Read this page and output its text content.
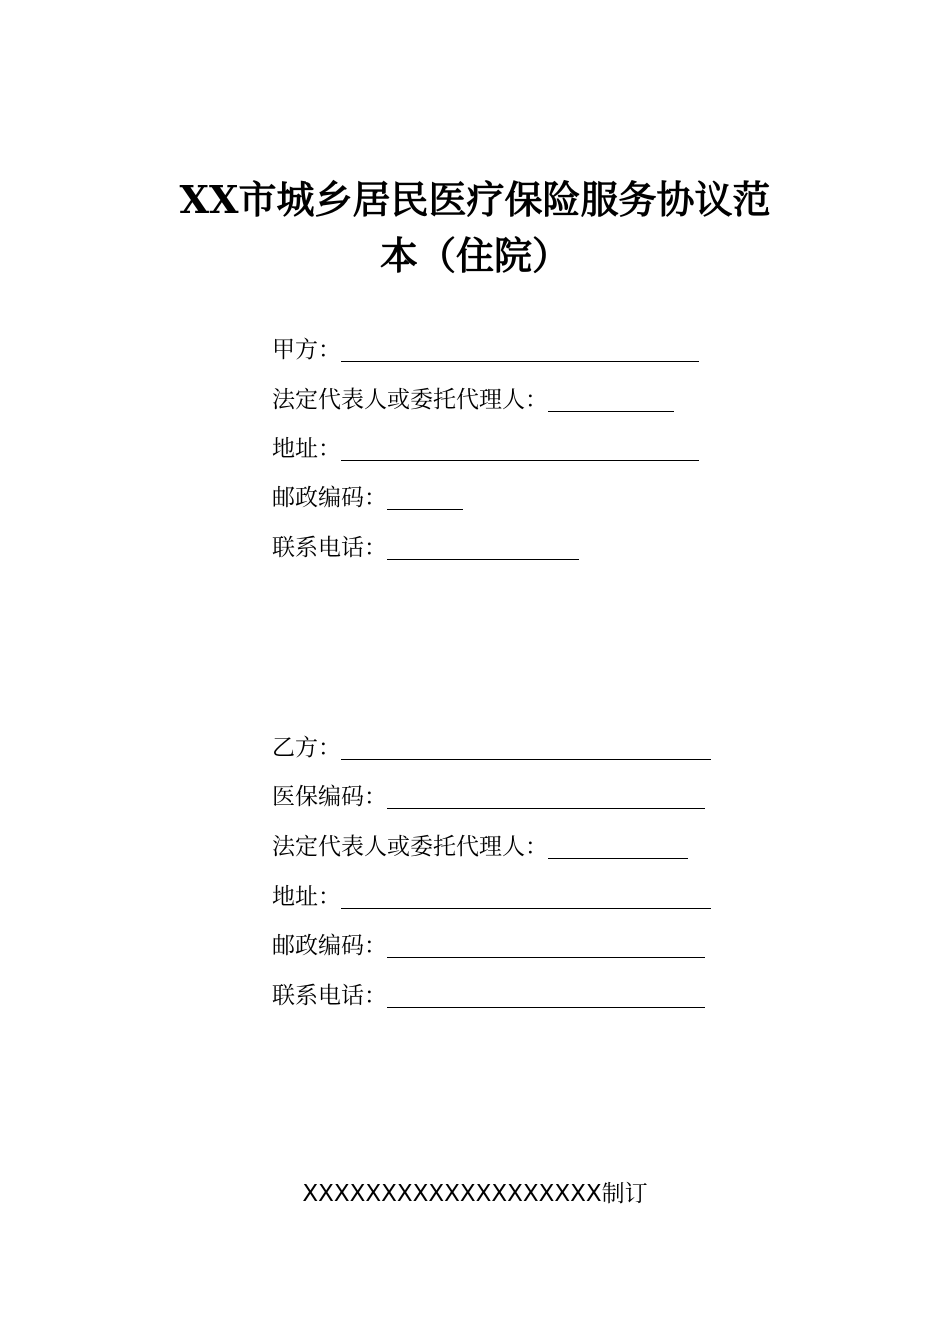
XX市城乡居民医疗保险服务协议范
本（住院）
甲方：
法定代表人或委托代理人：
地址：
邮政编码：
联系电话：
乙方：
医保编码：
法定代表人或委托代理人：
地址：
邮政编码：
联系电话：
XXXXXXXXXXXXXXXXXXX制订
